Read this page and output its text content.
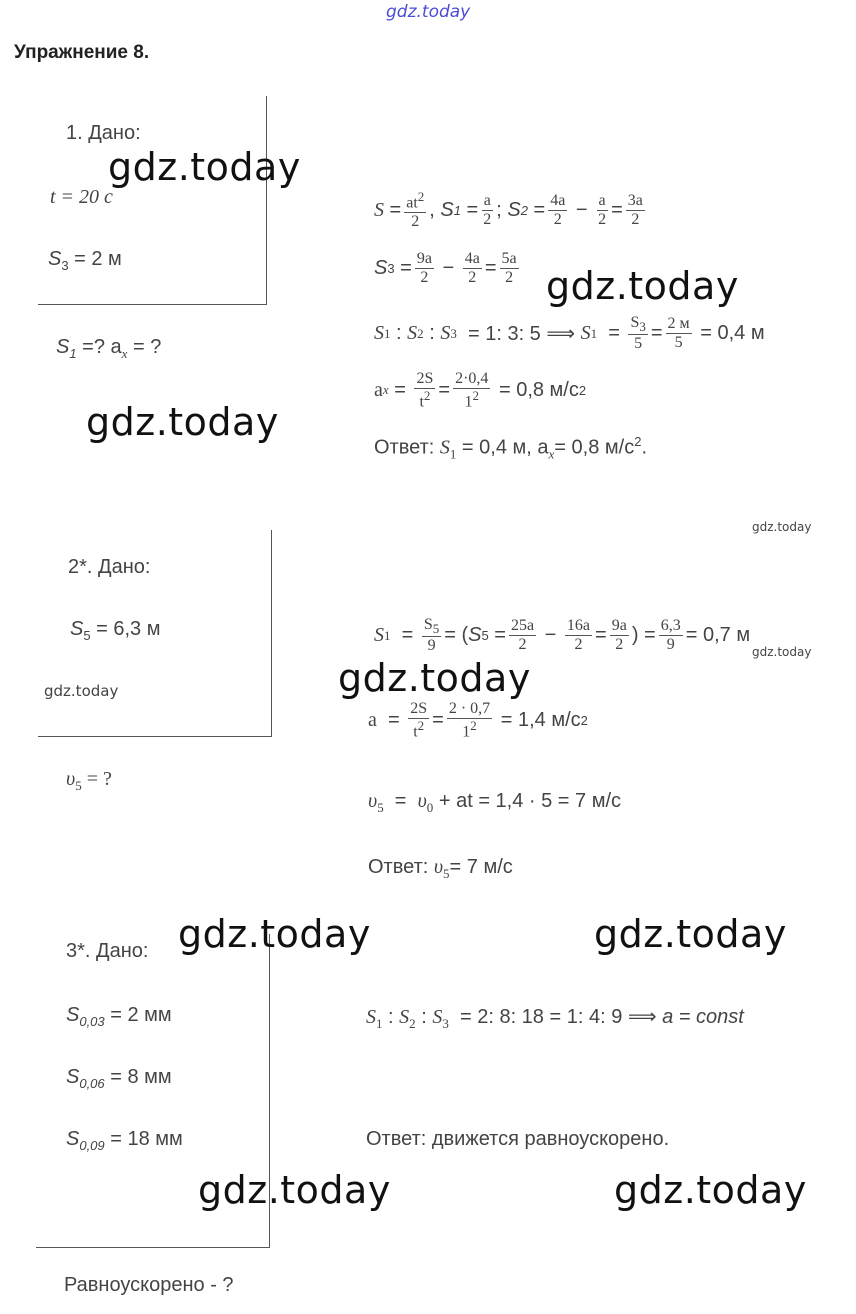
gdz.today
Упражнение 8.
1. Дано:
t = 20 с
$S_3 = 2$ м
$S_1$ =? $a_x$ = ?
$S = \frac{at^2}{2}$ , S $1 = \frac{a}{2}$ ; S $2 = \frac{4a}{2} - \frac{a}{2} = \frac{3a}{2}$
S $3 = \frac{9a}{2} - \frac{4a}{2} = \frac{5a}{2}$
S 1 : S 2 : S 3
= 1: 3: 5 ⟹
S $1 = \frac{S_3}{5} = \frac{2 м}{5}$
= 0,4 м
a $x = \frac{2S}{t^2} = \frac{2\cdot 0,4}{1^2}$
= 0,8 м/с 2
Ответ: $S_1 = 0,4$ м, $a_x= 0,8$ $м/с^2$.
2*. Дано:
$S_5 = 6,3$ м
$\upsilon_5$ = ?
S $1 = \frac{S_5}{9}$ = ( S $5 = \frac{25a}{2} - \frac{16a}{2} = \frac{9a}{2}$ ) = $\frac{6,3}{9} = 0,7$ м
$a = \frac{2S}{t^2} = \frac{2 \cdot 0,7}{1^2}$
= 1,4 м/с 2
$\upsilon_5 = \upsilon_0$ + at = 1,4 · 5 = 7 м/с
Ответ: $\upsilon_5= 7$ м/с
3*. Дано:
$S_{0,03} = 2$ мм
$S_{0,06} = 8$ мм
$S_{0,09} = 18$ мм
Равноускорено - ?
$S_1$ : $S_2$ : $S_3 = 2$: 8: 18 = 1: 4: 9 ⟹ a = const
Ответ: движется равноускорено.
gdz.today
gdz.today
gdz.today
gdz.today
gdz.today
gdz.today	gdz.today
gdz.today	gdz.today
gdz.today	gdz.today
